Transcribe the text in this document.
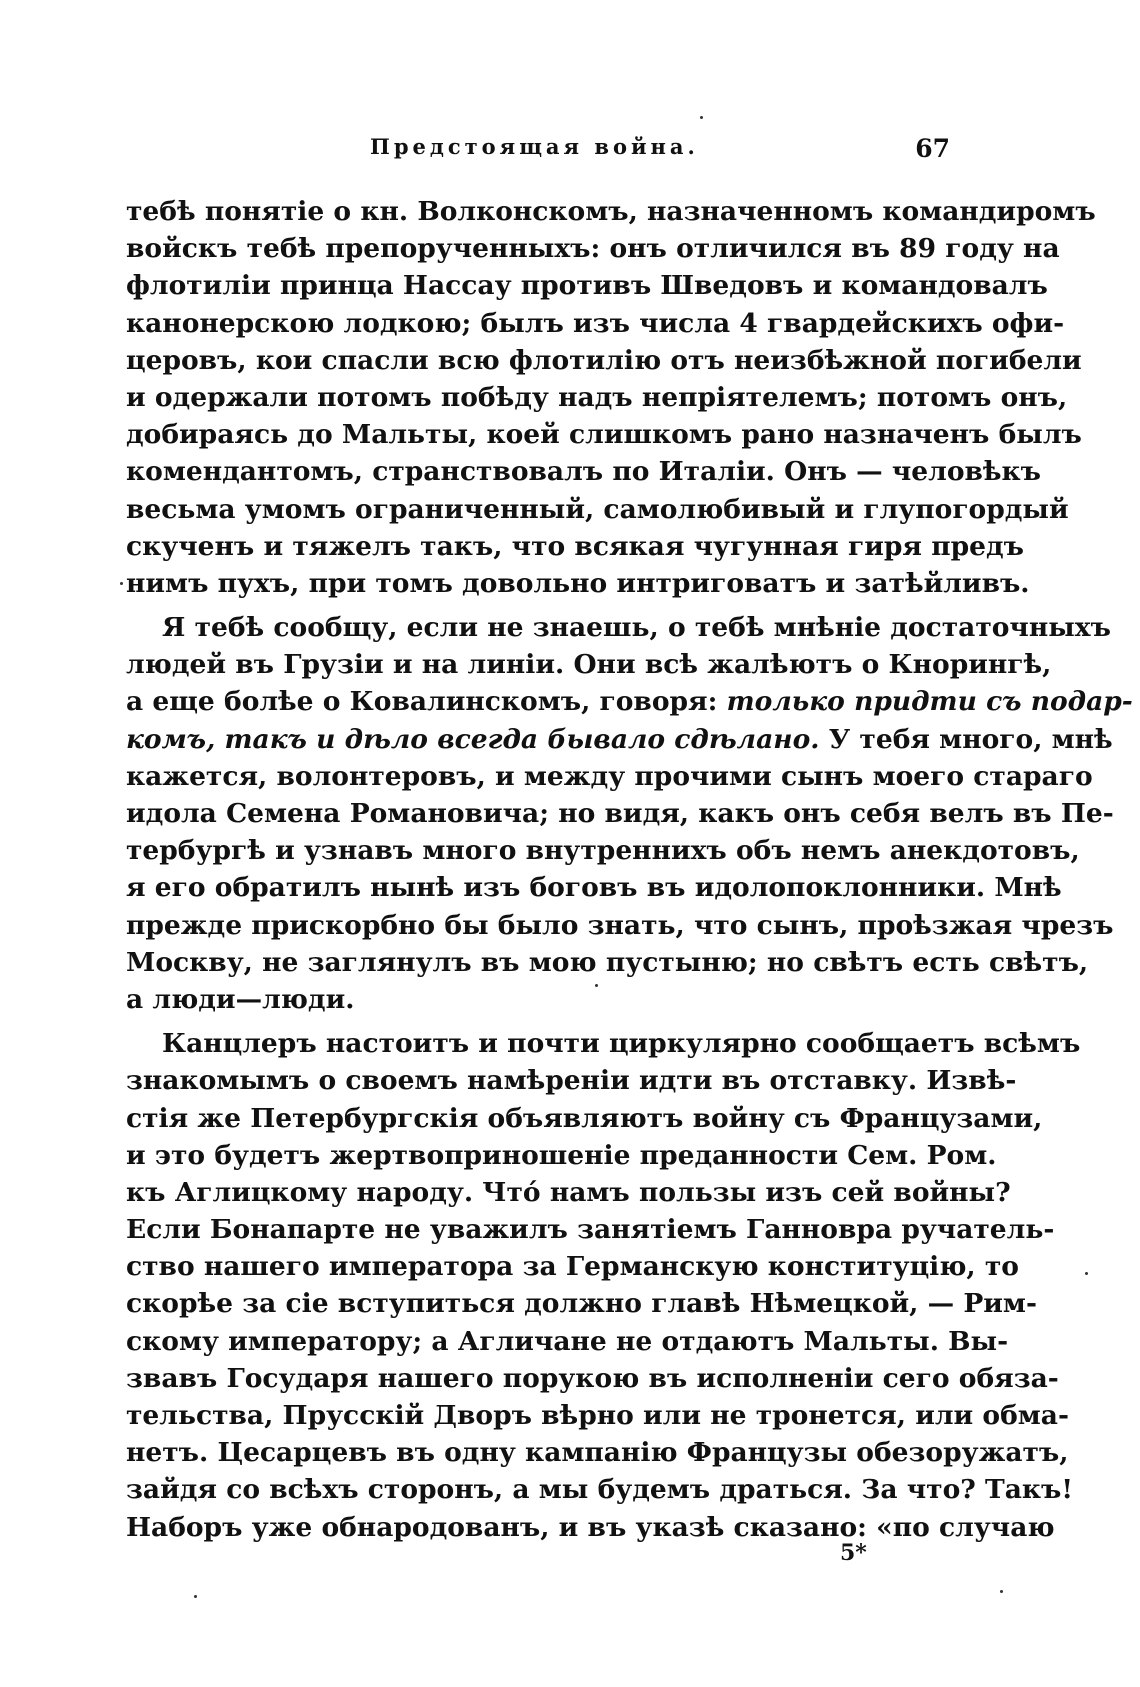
Предстоящая война.	67
тебѣ понятіе о кн. Волконскомъ, назначенномъ командиромъ
войскъ тебѣ препорученныхъ: онъ отличился въ 89 году на
флотиліи принца Нассау противъ Шведовъ и командовалъ
канонерскою лодкою; былъ изъ числа 4 гвардейскихъ офи-
церовъ, кои спасли всю флотилію отъ неизбѣжной погибели
и одержали потомъ побѣду надъ непріятелемъ; потомъ онъ,
добираясь до Мальты, коей слишкомъ рано назначенъ былъ
комендантомъ, странствовалъ по Италіи. Онъ — человѣкъ
весьма умомъ ограниченный, самолюбивый и глупогордый
скученъ и тяжелъ такъ, что всякая чугунная гиря предъ
нимъ пухъ, при томъ довольно интриговатъ и затѣйливъ.
Я тебѣ сообщу, если не знаешь, о тебѣ мнѣніе достаточныхъ
людей въ Грузіи и на линіи. Они всѣ жалѣютъ о Кнорингѣ,
а еще болѣе о Ковалинскомъ, говоря: только придти съ подар-
комъ, такъ и дѣло всегда бывало сдѣлано. У тебя много, мнѣ
кажется, волонтеровъ, и между прочими сынъ моего стараго
идола Семена Романовича; но видя, какъ онъ себя велъ въ Пе-
тербургѣ и узнавъ много внутреннихъ объ немъ анекдотовъ,
я его обратилъ нынѣ изъ боговъ въ идолопоклонники. Мнѣ
прежде прискорбно бы было знать, что сынъ, проѣзжая чрезъ
Москву, не заглянулъ въ мою пустыню; но свѣтъ есть свѣтъ,
а люди—люди.
Канцлеръ настоитъ и почти циркулярно сообщаетъ всѣмъ
знакомымъ о своемъ намѣреніи идти въ отставку. Извѣ-
стія же Петербургскія объявляютъ войну съ Французами,
и это будетъ жертвоприношеніе преданности Сем. Ром.
къ Аглицкому народу. Чтó намъ пользы изъ сей войны?
Если Бонапарте не уважилъ занятіемъ Ганновра ручатель-
ство нашего императора за Германскую конституцію, то
скорѣе за сіе вступиться должно главѣ Нѣмецкой, — Рим-
скому императору; а Агличане не отдаютъ Мальты. Вы-
звавъ Государя нашего порукою въ исполненіи сего обяза-
тельства, Прусскій Дворъ вѣрно или не тронется, или обма-
нетъ. Цесарцевъ въ одну кампанію Французы обезоружатъ,
зайдя со всѣхъ сторонъ, а мы будемъ драться. За что? Такъ!
Наборъ уже обнародованъ, и въ указѣ сказано: «по случаю
5*
